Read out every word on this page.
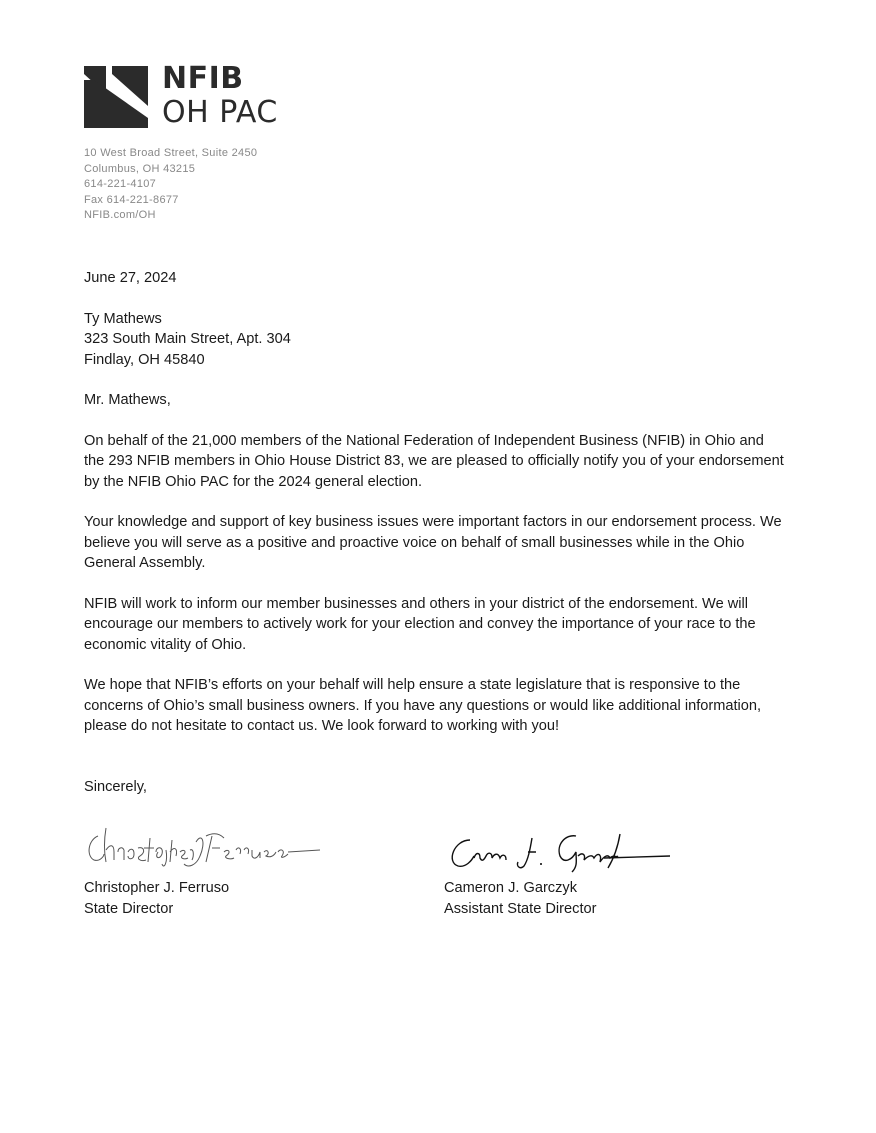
NFIB
OH PAC
10 West Broad Street, Suite 2450
Columbus, OH 43215
614-221-4107
Fax 614-221-8677
NFIB.com/OH
June 27, 2024
Ty Mathews
323 South Main Street, Apt. 304
Findlay, OH 45840
Mr. Mathews,

On behalf of the 21,000 members of the National Federation of Independent Business (NFIB) in Ohio and the 293 NFIB members in Ohio House District 83, we are pleased to officially notify you of your endorsement by the NFIB Ohio PAC for the 2024 general election.

Your knowledge and support of key business issues were important factors in our endorsement process. We believe you will serve as a positive and proactive voice on behalf of small businesses while in the Ohio General Assembly.

NFIB will work to inform our member businesses and others in your district of the endorsement. We will encourage our members to actively work for your election and convey the importance of your race to the economic vitality of Ohio.

We hope that NFIB’s efforts on your behalf will help ensure a state legislature that is responsive to the concerns of Ohio’s small business owners. If you have any questions or would like additional information, please do not hesitate to contact us. We look forward to working with you!

Sincerely,
Christopher J. Ferruso
State Director
Cameron J. Garczyk
Assistant State Director
